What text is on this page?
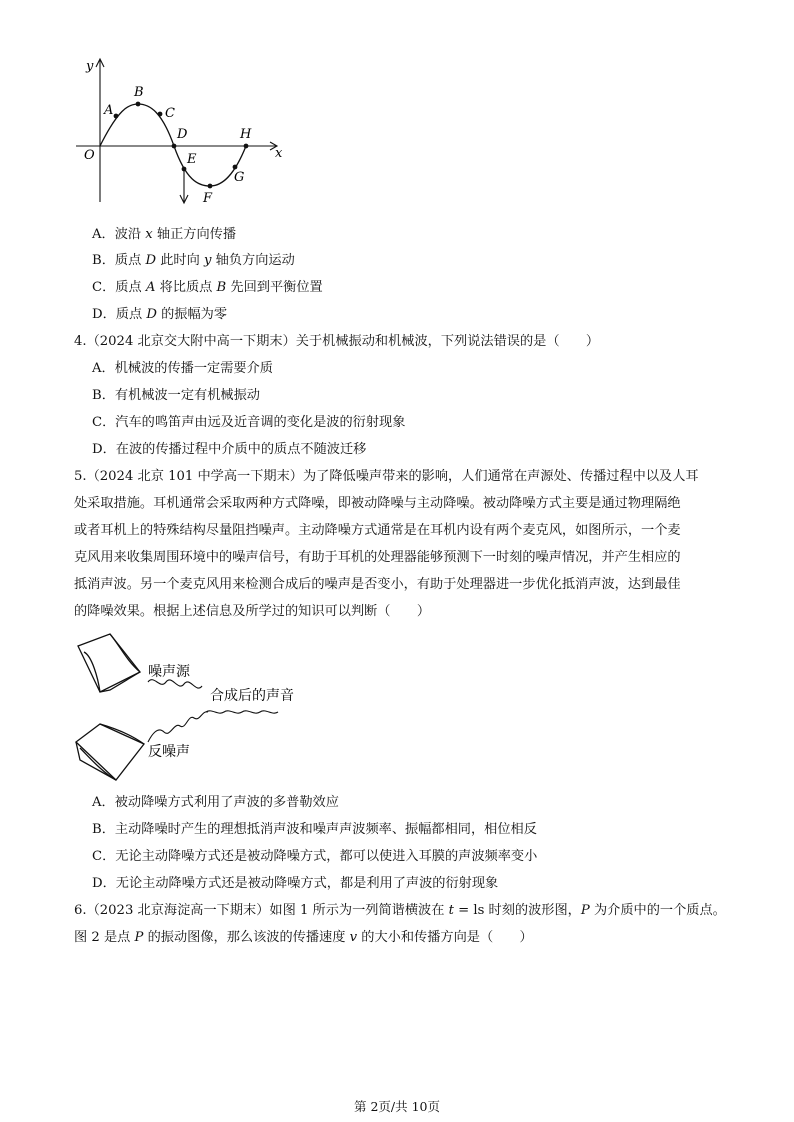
y
x
O
A
B
C
D
E
F
G
H
A．波沿 x 轴正方向传播
B．质点 D 此时向 y 轴负方向运动
C．质点 A 将比质点 B 先回到平衡位置
D．质点 D 的振幅为零
4.（2024 北京交大附中高一下期末）关于机械振动和机械波，下列说法错误的是（　　）
A．机械波的传播一定需要介质
B．有机械波一定有机械振动
C．汽车的鸣笛声由远及近音调的变化是波的衍射现象
D．在波的传播过程中介质中的质点不随波迁移
5.（2024 北京 101 中学高一下期末）为了降低噪声带来的影响，人们通常在声源处、传播过程中以及人耳
处采取措施。耳机通常会采取两种方式降噪，即被动降噪与主动降噪。被动降噪方式主要是通过物理隔绝
或者耳机上的特殊结构尽量阻挡噪声。主动降噪方式通常是在耳机内设有两个麦克风，如图所示，一个麦
克风用来收集周围环境中的噪声信号，有助于耳机的处理器能够预测下一时刻的噪声情况，并产生相应的
抵消声波。另一个麦克风用来检测合成后的噪声是否变小，有助于处理器进一步优化抵消声波，达到最佳
的降噪效果。根据上述信息及所学过的知识可以判断（　　）
噪声源
合成后的声音
反噪声
A．被动降噪方式利用了声波的多普勒效应
B．主动降噪时产生的理想抵消声波和噪声声波频率、振幅都相同，相位相反
C．无论主动降噪方式还是被动降噪方式，都可以使进入耳膜的声波频率变小
D．无论主动降噪方式还是被动降噪方式，都是利用了声波的衍射现象
6.（2023 北京海淀高一下期末）如图 1 所示为一列简谐横波在 t = ls 时刻的波形图，P 为介质中的一个质点。
图 2 是点 P 的振动图像，那么该波的传播速度 v 的大小和传播方向是（　　）
第 2页/共 10页
